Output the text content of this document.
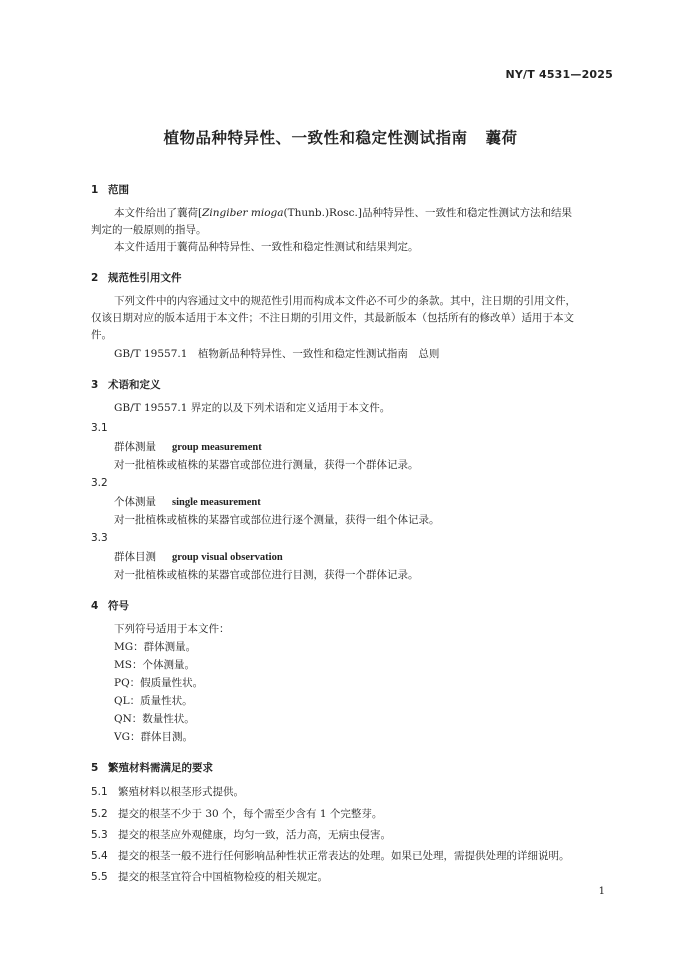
NY/T 4531—2025
植物品种特异性、一致性和稳定性测试指南 蘘荷
1 范围
本文件给出了蘘荷[Zingiber mioga(Thunb.)Rosc.]品种特异性、一致性和稳定性测试方法和结果
判定的一般原则的指导。
本文件适用于蘘荷品种特异性、一致性和稳定性测试和结果判定。
2 规范性引用文件
下列文件中的内容通过文中的规范性引用而构成本文件必不可少的条款。其中，注日期的引用文件，
仅该日期对应的版本适用于本文件；不注日期的引用文件，其最新版本（包括所有的修改单）适用于本文
件。
GB/T 19557.1　植物新品种特异性、一致性和稳定性测试指南　总则
3 术语和定义
GB/T 19557.1 界定的以及下列术语和定义适用于本文件。
3.1
群体测量 group measurement
对一批植株或植株的某器官或部位进行测量，获得一个群体记录。
3.2
个体测量 single measurement
对一批植株或植株的某器官或部位进行逐个测量，获得一组个体记录。
3.3
群体目测 group visual observation
对一批植株或植株的某器官或部位进行目测，获得一个群体记录。
4 符号
下列符号适用于本文件：
MG：群体测量。
MS：个体测量。
PQ：假质量性状。
QL：质量性状。
QN：数量性状。
VG：群体目测。
5 繁殖材料需满足的要求
5.1 繁殖材料以根茎形式提供。
5.2 提交的根茎不少于 30 个，每个需至少含有 1 个完整芽。
5.3 提交的根茎应外观健康，均匀一致，活力高，无病虫侵害。
5.4 提交的根茎一般不进行任何影响品种性状正常表达的处理。如果已处理，需提供处理的详细说明。
5.5 提交的根茎宜符合中国植物检疫的相关规定。
1
